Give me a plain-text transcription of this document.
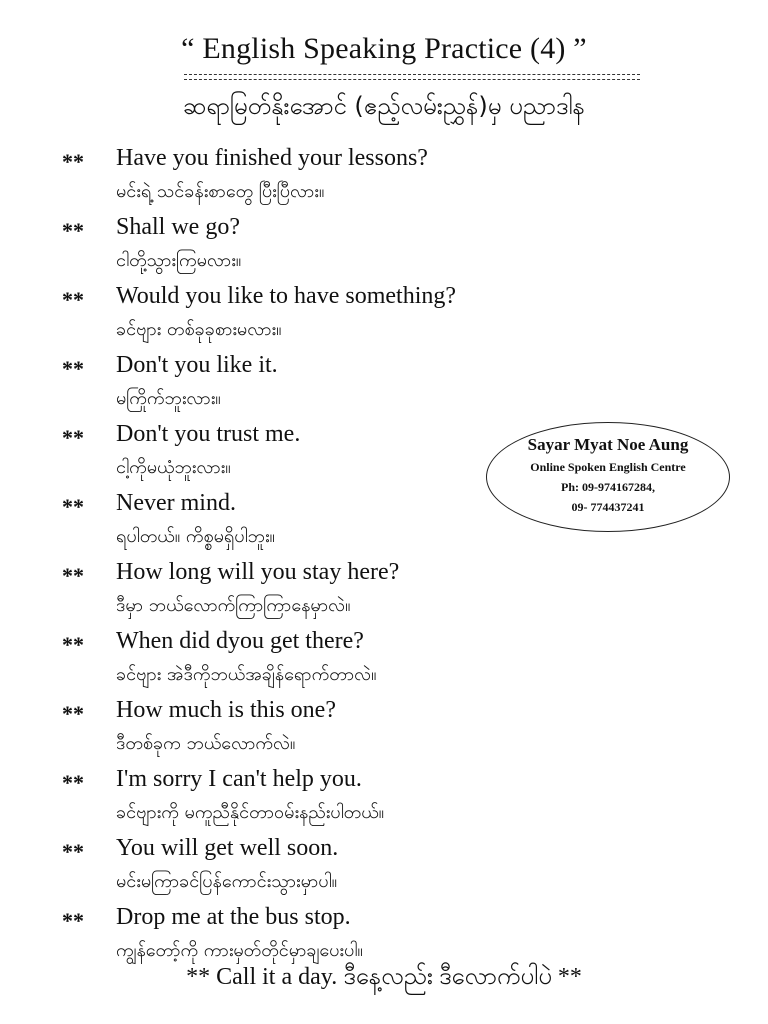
“ English Speaking Practice (4) ”
ဆရာမြတ်နိုးအောင် (ဧည့်လမ်းညွှန်)မှ ပညာဒါန
** Have you finished your lessons?
မင်းရဲ့ သင်ခန်းစာတွေ ပြီးပြီလား။
** Shall we go?
ငါတို့သွားကြမလား။
** Would you like to have something?
ခင်ဗျား တစ်ခုခုစားမလား။
** Don't you like it.
မကြိုက်ဘူးလား။
** Don't you trust me.
ငါ့ကိုမယုံဘူးလား။
** Never mind.
ရပါတယ်။ ကိစ္စမရှိပါဘူး။
** How long will you stay here?
ဒီမှာ ဘယ်လောက်ကြာကြာနေမှာလဲ။
** When did dyou get there?
ခင်ဗျား အဲဒီကိုဘယ်အချိန်ရောက်တာလဲ။
** How much is this one?
ဒီတစ်ခုက ဘယ်လောက်လဲ။
** I'm sorry I can't help you.
ခင်ဗျားကို မကူညီနိုင်တာဝမ်းနည်းပါတယ်။
** You will get well soon.
မင်းမကြာခင်ပြန်ကောင်းသွားမှာပါ။
** Drop me at the bus stop.
ကျွန်တော့်ကို ကားမှတ်တိုင်မှာချပေးပါ။
Sayar Myat Noe Aung
Online Spoken English Centre
Ph: 09-974167284,
09- 774437241
** Call it a day. ဒီနေ့လည်း ဒီလောက်ပါပဲ **
